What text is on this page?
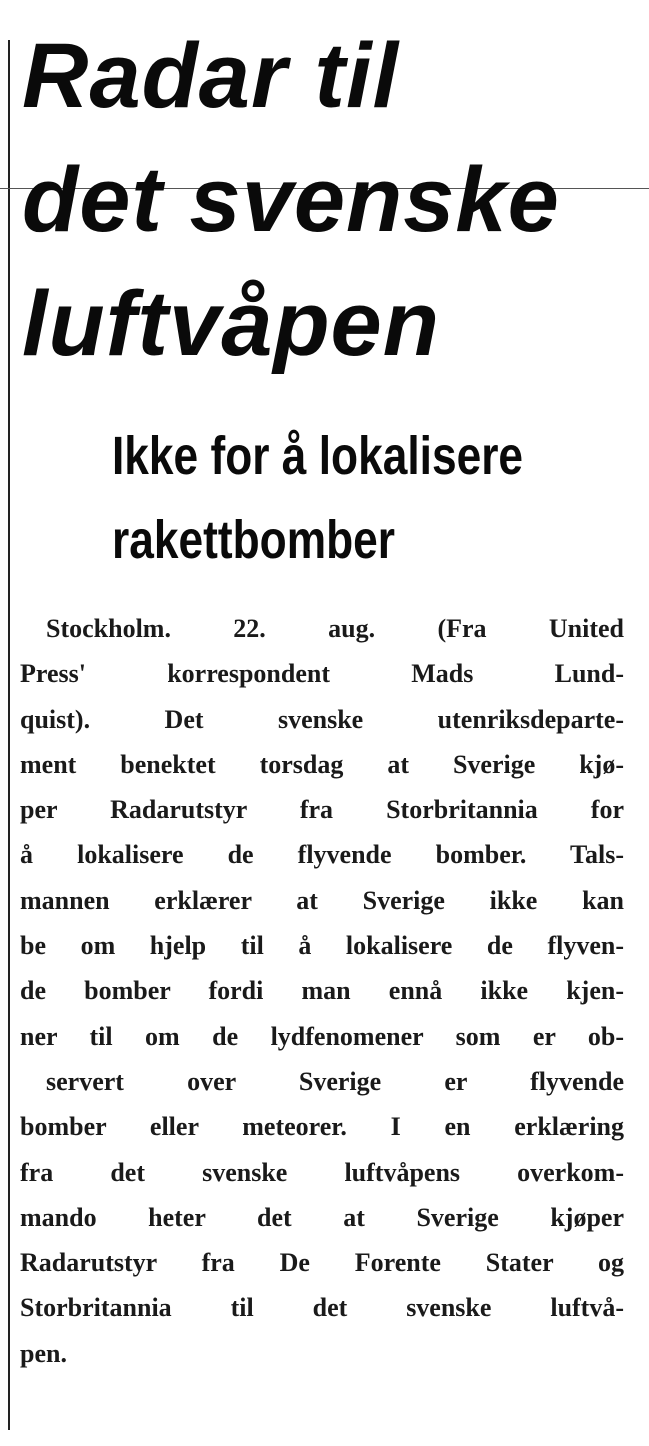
Radar til
det svenske
luftvåpen
Ikke for å lokalisere
rakettbomber
Stockholm. 22. aug. (Fra United
Press' korrespondent Mads Lund-
quist). Det svenske utenriksdeparte-
ment benektet torsdag at Sverige kjø-
per Radarutstyr fra Storbritannia for
å lokalisere de flyvende bomber. Tals-
mannen erklærer at Sverige ikke kan
be om hjelp til å lokalisere de flyven-
de bomber fordi man ennå ikke kjen-
ner til om de lydfenomener som er ob-
servert over Sverige er flyvende
bomber eller meteorer. I en erklæring
fra det svenske luftvåpens overkom-
mando heter det at Sverige kjøper
Radarutstyr fra De Forente Stater og
Storbritannia til det svenske luftvå-
pen.
